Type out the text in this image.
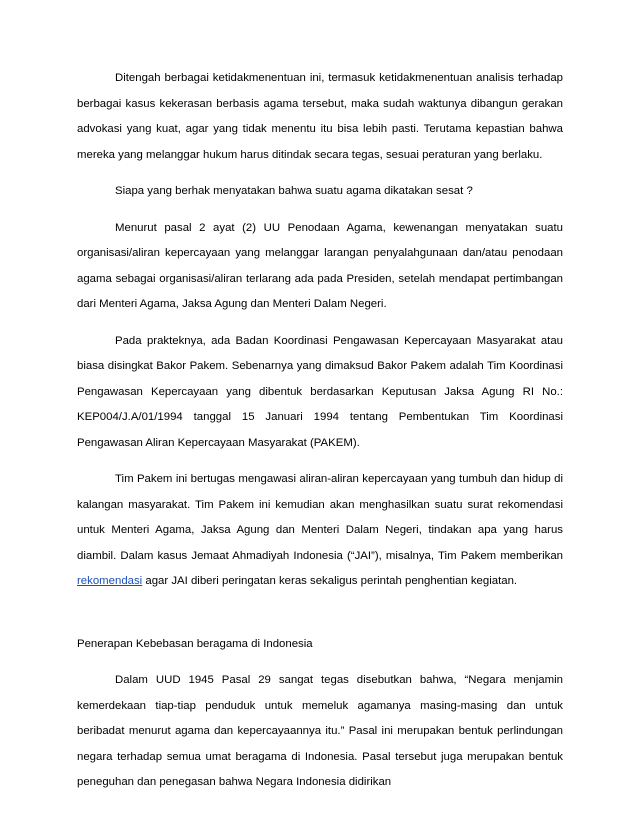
Ditengah berbagai ketidakmenentuan ini, termasuk ketidakmenentuan analisis terhadap berbagai kasus kekerasan berbasis agama tersebut, maka sudah waktunya dibangun gerakan advokasi yang kuat, agar yang tidak menentu itu bisa lebih pasti. Terutama kepastian bahwa mereka yang melanggar hukum harus ditindak secara tegas, sesuai peraturan yang berlaku.

Siapa yang berhak menyatakan bahwa suatu agama dikatakan sesat ?

Menurut pasal 2 ayat (2) UU Penodaan Agama, kewenangan menyatakan suatu organisasi/aliran kepercayaan yang melanggar larangan penyalahgunaan dan/atau penodaan agama sebagai organisasi/aliran terlarang ada pada Presiden, setelah mendapat pertimbangan dari Menteri Agama, Jaksa Agung dan Menteri Dalam Negeri.

Pada prakteknya, ada Badan Koordinasi Pengawasan Kepercayaan Masyarakat atau biasa disingkat Bakor Pakem. Sebenarnya yang dimaksud Bakor Pakem adalah Tim Koordinasi Pengawasan Kepercayaan yang dibentuk berdasarkan Keputusan Jaksa Agung RI No.: KEP004/J.A/01/1994 tanggal 15 Januari 1994 tentang Pembentukan Tim Koordinasi Pengawasan Aliran Kepercayaan Masyarakat (PAKEM).

Tim Pakem ini bertugas mengawasi aliran-aliran kepercayaan yang tumbuh dan hidup di kalangan masyarakat. Tim Pakem ini kemudian akan menghasilkan suatu surat rekomendasi untuk Menteri Agama, Jaksa Agung dan Menteri Dalam Negeri, tindakan apa yang harus diambil. Dalam kasus Jemaat Ahmadiyah Indonesia (“JAI”), misalnya, Tim Pakem memberikan rekomendasi agar JAI diberi peringatan keras sekaligus perintah penghentian kegiatan.

Penerapan Kebebasan beragama di Indonesia

Dalam UUD 1945 Pasal 29 sangat tegas disebutkan bahwa, “Negara menjamin kemerdekaan tiap-tiap penduduk untuk memeluk agamanya masing-masing dan untuk beribadat menurut agama dan kepercayaannya itu.” Pasal ini merupakan bentuk perlindungan negara terhadap semua umat beragama di Indonesia. Pasal tersebut juga merupakan bentuk peneguhan dan penegasan bahwa Negara Indonesia didirikan
